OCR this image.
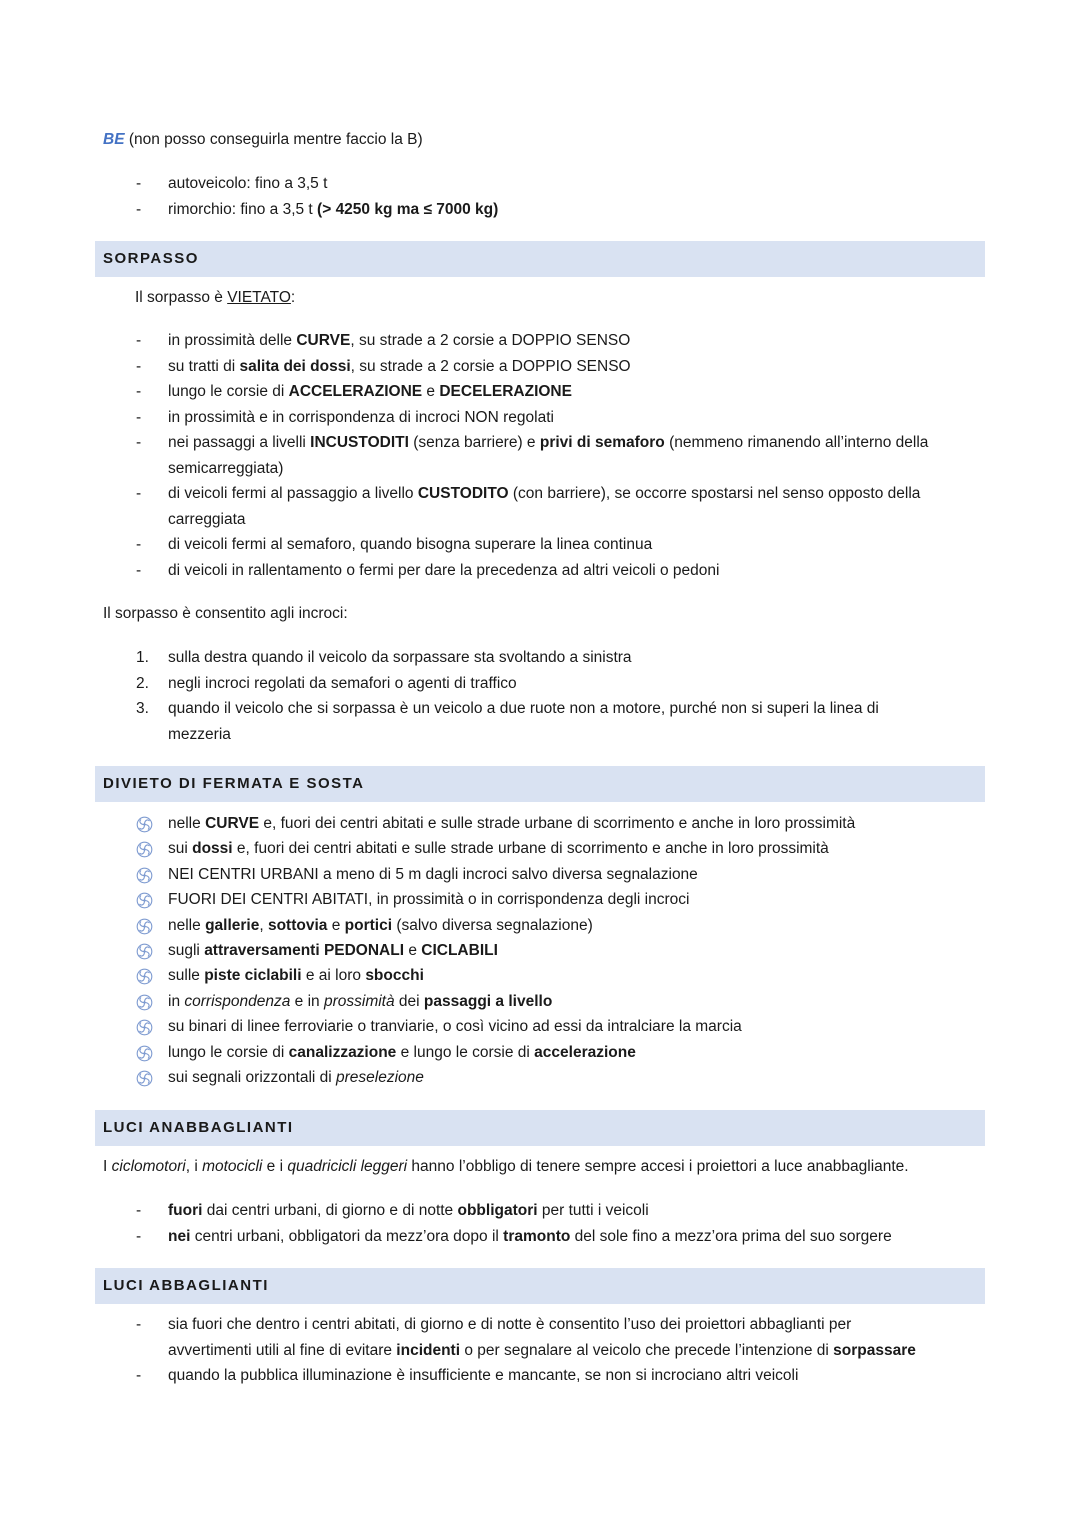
BE (non posso conseguirla mentre faccio la B)
- autoveicolo: fino a 3,5 t
- rimorchio: fino a 3,5 t (> 4250 kg ma ≤ 7000 kg)
SORPASSO
Il sorpasso è VIETATO:
- in prossimità delle CURVE, su strade a 2 corsie a DOPPIO SENSO
- su tratti di salita dei dossi, su strade a 2 corsie a DOPPIO SENSO
- lungo le corsie di ACCELERAZIONE e DECELERAZIONE
- in prossimità e in corrispondenza di incroci NON regolati
- nei passaggi a livelli INCUSTODITI (senza barriere) e privi di semaforo (nemmeno rimanendo all’interno della
semicarreggiata)
- di veicoli fermi al passaggio a livello CUSTODITO (con barriere), se occorre spostarsi nel senso opposto della
carreggiata
- di veicoli fermi al semaforo, quando bisogna superare la linea continua
- di veicoli in rallentamento o fermi per dare la precedenza ad altri veicoli o pedoni
Il sorpasso è consentito agli incroci:
1. sulla destra quando il veicolo da sorpassare sta svoltando a sinistra
2. negli incroci regolati da semafori o agenti di traffico
3. quando il veicolo che si sorpassa è un veicolo a due ruote non a motore, purché non si superi la linea di
mezzeria
DIVIETO DI FERMATA E SOSTA
nelle CURVE e, fuori dei centri abitati e sulle strade urbane di scorrimento e anche in loro prossimità
sui dossi e, fuori dei centri abitati e sulle strade urbane di scorrimento e anche in loro prossimità
NEI CENTRI URBANI a meno di 5 m dagli incroci salvo diversa segnalazione
FUORI DEI CENTRI ABITATI, in prossimità o in corrispondenza degli incroci
nelle gallerie, sottovia e portici (salvo diversa segnalazione)
sugli attraversamenti PEDONALI e CICLABILI
sulle piste ciclabili e ai loro sbocchi
in corrispondenza e in prossimità dei passaggi a livello
su binari di linee ferroviarie o tranviarie, o così vicino ad essi da intralciare la marcia
lungo le corsie di canalizzazione e lungo le corsie di accelerazione
sui segnali orizzontali di preselezione
LUCI ANABBAGLIANTI
I ciclomotori, i motocicli e i quadricicli leggeri hanno l’obbligo di tenere sempre accesi i proiettori a luce anabbagliante.
- fuori dai centri urbani, di giorno e di notte obbligatori per tutti i veicoli
- nei centri urbani, obbligatori da mezz’ora dopo il tramonto del sole fino a mezz’ora prima del suo sorgere
LUCI ABBAGLIANTI
- sia fuori che dentro i centri abitati, di giorno e di notte è consentito l’uso dei proiettori abbaglianti per
avvertimenti utili al fine di evitare incidenti o per segnalare al veicolo che precede l’intenzione di sorpassare
- quando la pubblica illuminazione è insufficiente e mancante, se non si incrociano altri veicoli
